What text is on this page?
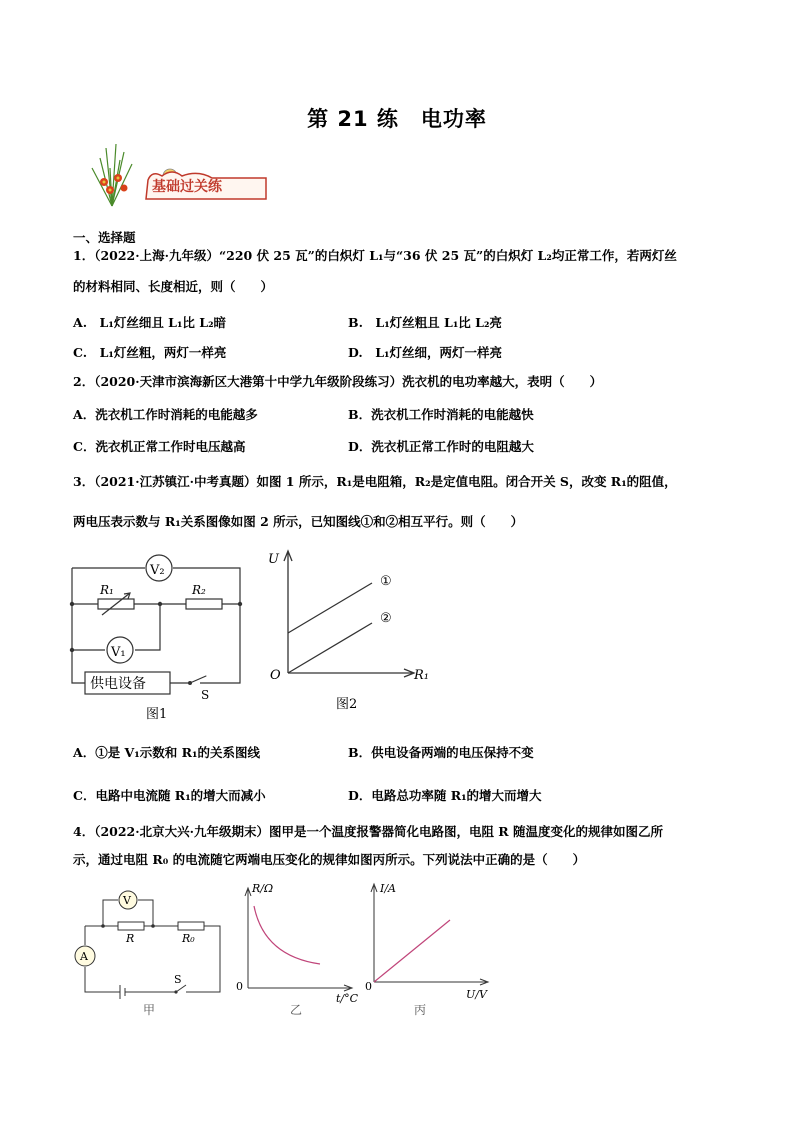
第 21 练　电功率
基础过关练
一、选择题
1．（2022·上海·九年级）“220 伏 25 瓦”的白炽灯 L₁与“36 伏 25 瓦”的白炽灯 L₂均正常工作，若两灯丝
的材料相同、长度相近，则（　　）
A.　L₁灯丝细且 L₁比 L₂暗	B.　L₁灯丝粗且 L₁比 L₂亮
C.　L₁灯丝粗，两灯一样亮	D.　L₁灯丝细，两灯一样亮
2．（2020·天津市滨海新区大港第十中学九年级阶段练习）洗衣机的电功率越大，表明（　　）
A．洗衣机工作时消耗的电能越多	B．洗衣机工作时消耗的电能越快
C．洗衣机正常工作时电压越高	D．洗衣机正常工作时的电阻越大
3．（2021·江苏镇江·中考真题）如图 1 所示，R₁是电阻箱，R₂是定值电阻。闭合开关 S，改变 R₁的阻值，
两电压表示数与 R₁关系图像如图 2 所示，已知图线①和②相互平行。则（　　）
V₂
V₁
R₁	R₂
供电设备
S
图1
U
O	R₁
①
②
图2
A．①是 V₁示数和 R₁的关系图线	B．供电设备两端的电压保持不变
C．电路中电流随 R₁的增大而减小	D．电路总功率随 R₁的增大而增大
4．（2022·北京大兴·九年级期末）图甲是一个温度报警器简化电路图，电阻 R 随温度变化的规律如图乙所
示，通过电阻 R₀ 的电流随它两端电压变化的规律如图丙所示。下列说法中正确的是（　　）
V
A
R	R₀
S
甲
R/Ω
0
t/°C
乙
I/A
0
U/V
丙
